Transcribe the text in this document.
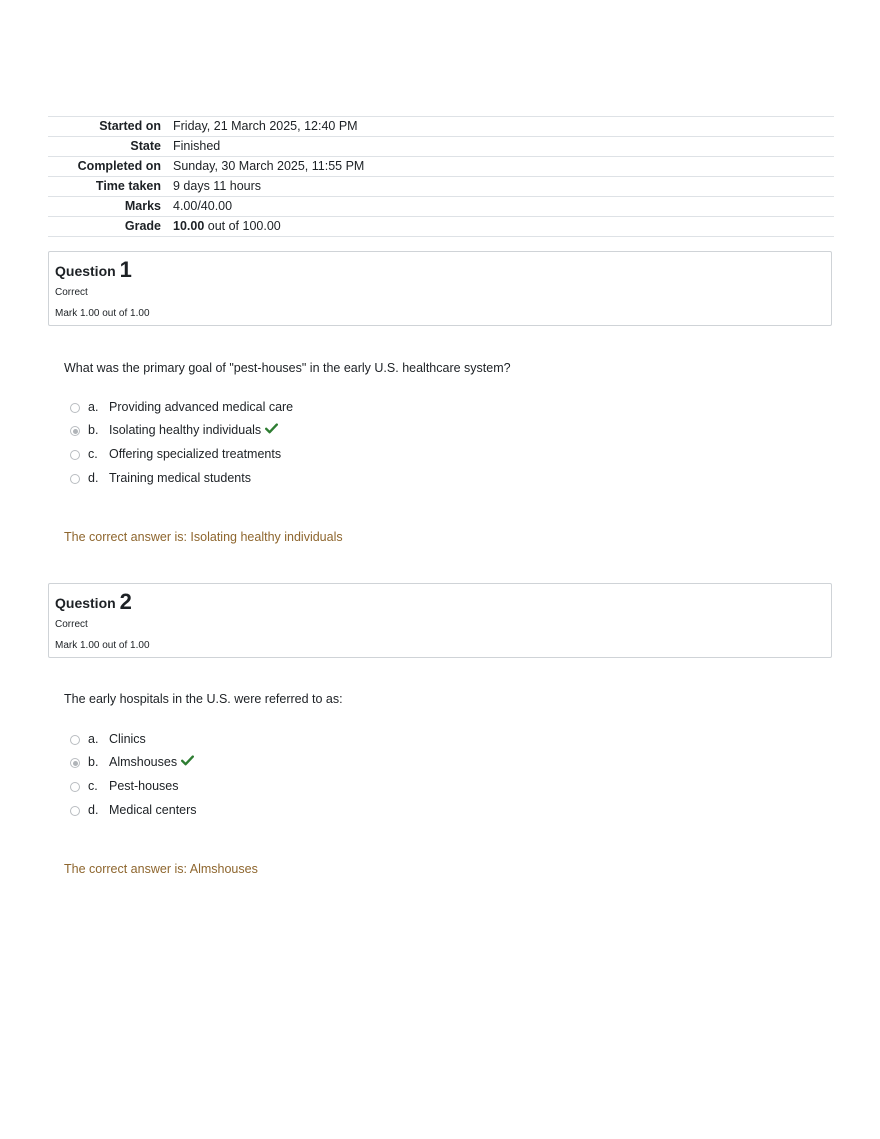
Started on	Friday, 21 March 2025, 12:40 PM
State	Finished
Completed on	Sunday, 30 March 2025, 11:55 PM
Time taken	9 days 11 hours
Marks	4.00/40.00
Grade	10.00 out of 100.00
Question 1
Correct
Mark 1.00 out of 1.00
What was the primary goal of "pest-houses" in the early U.S. healthcare system?
a. Providing advanced medical care
b. Isolating healthy individuals
c. Offering specialized treatments
d. Training medical students
The correct answer is: Isolating healthy individuals
Question 2
Correct
Mark 1.00 out of 1.00
The early hospitals in the U.S. were referred to as:
a. Clinics
b. Almshouses
c. Pest-houses
d. Medical centers
The correct answer is: Almshouses
